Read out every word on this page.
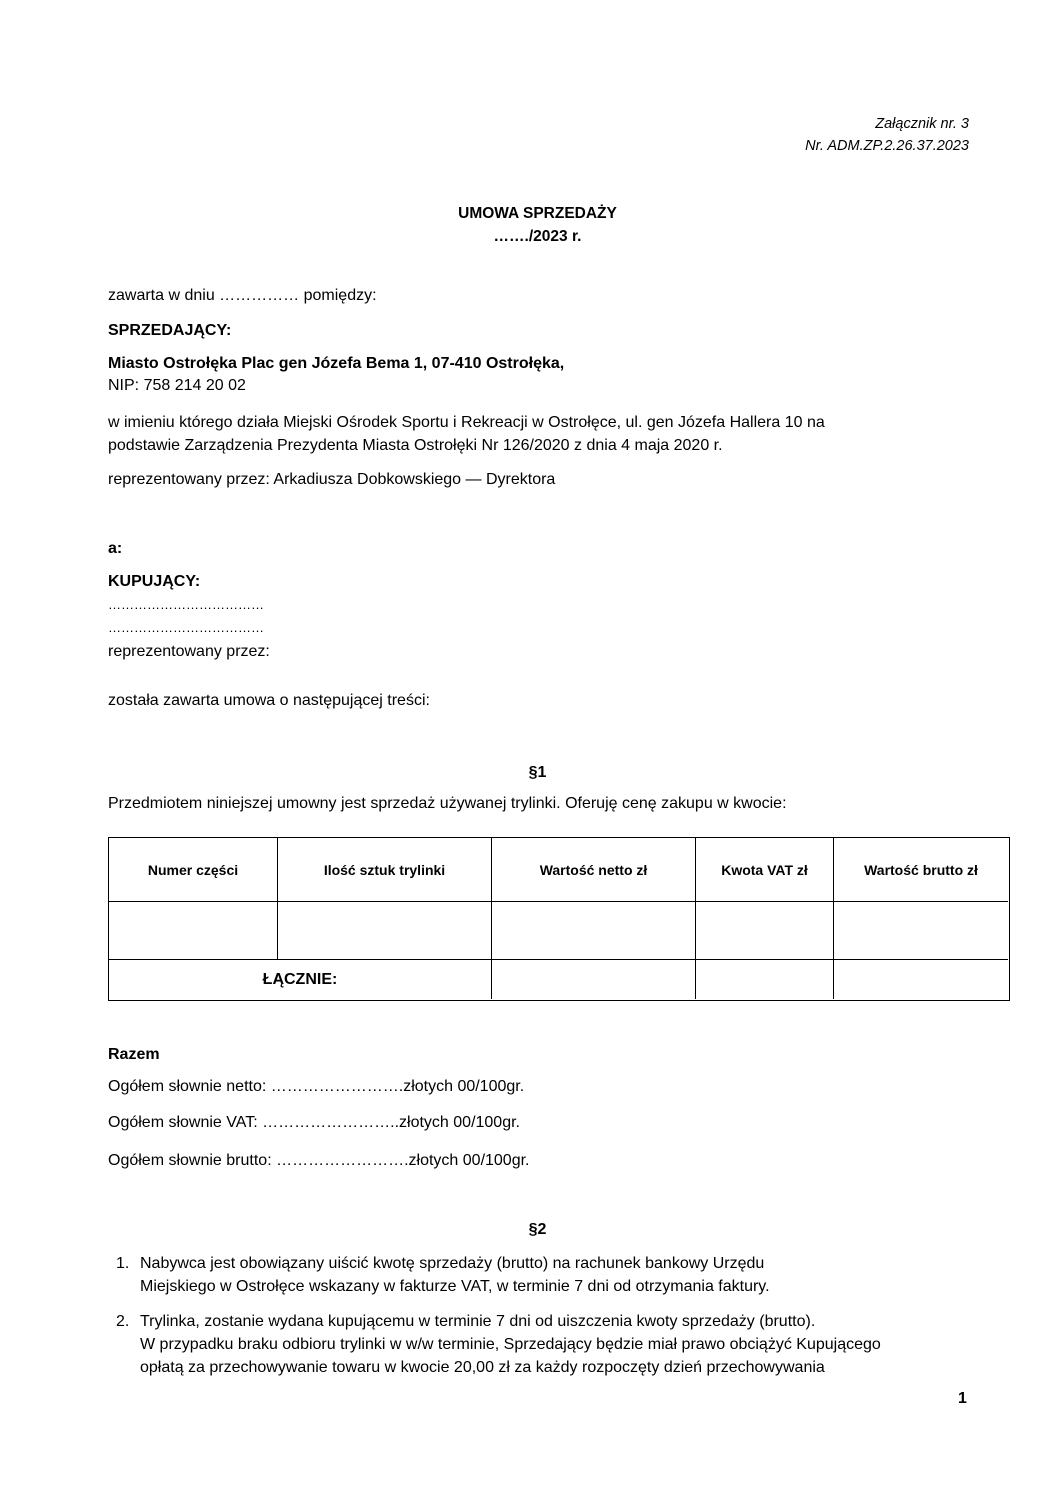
Załącznik nr. 3
Nr. ADM.ZP.2.26.37.2023
UMOWA SPRZEDAŻY
……./2023 r.
zawarta w dniu …………… pomiędzy:
SPRZEDAJĄCY:
Miasto Ostrołęka Plac gen Józefa Bema 1, 07-410 Ostrołęka,
NIP: 758 214 20 02
w imieniu którego działa Miejski Ośrodek Sportu i Rekreacji w Ostrołęce, ul. gen Józefa Hallera 10 na
podstawie Zarządzenia Prezydenta Miasta Ostrołęki Nr 126/2020 z dnia 4 maja 2020 r.
reprezentowany przez: Arkadiusza Dobkowskiego — Dyrektora
a:
KUPUJĄCY:
………………………………
………………………………
reprezentowany przez:
została zawarta umowa o następującej treści:
§1
Przedmiotem niniejszej umowny jest sprzedaż używanej trylinki. Oferuję cenę zakupu w kwocie:
Numer części	Ilość sztuk trylinki	Wartość netto zł	Kwota VAT zł	Wartość brutto zł
ŁĄCZNIE:
Razem
Ogółem słownie netto: …………………….złotych 00/100gr.
Ogółem słownie VAT: ……………………..złotych 00/100gr.
Ogółem słownie brutto: …………………….złotych 00/100gr.
§2
1. Nabywca jest obowiązany uiścić kwotę sprzedaży (brutto) na rachunek bankowy Urzędu
Miejskiego w Ostrołęce wskazany w fakturze VAT, w terminie 7 dni od otrzymania faktury.
2. Trylinka, zostanie wydana kupującemu w terminie 7 dni od uiszczenia kwoty sprzedaży (brutto).
W przypadku braku odbioru trylinki w w/w terminie, Sprzedający będzie miał prawo obciążyć Kupującego
opłatą za przechowywanie towaru w kwocie 20,00 zł za każdy rozpoczęty dzień przechowywania
1
